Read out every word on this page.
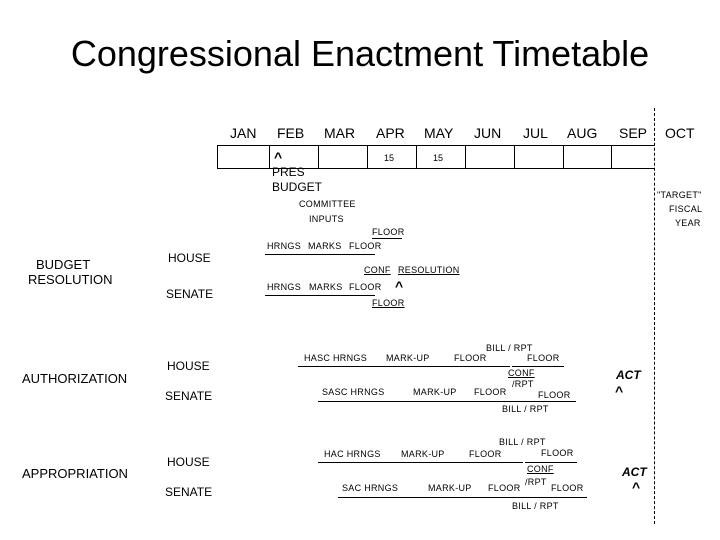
Congressional Enactment Timetable
JAN FEB MAR APR MAY JUN JUL AUG SEP OCT
15	15
^
PRES
BUDGET
"TARGET"
FISCAL
YEAR
COMMITTEE
INPUTS
BUDGET
RESOLUTION
HOUSE
SENATE
FLOOR
HRNGS MARKS FLOOR
CONF RESOLUTION
HRNGS MARKS FLOOR ^
FLOOR
AUTHORIZATION
HOUSE
SENATE
HASC HRNGS MARK-UP	FLOOR
BILL / RPT
FLOOR
CONF
/RPT
SASC HRNGS	MARK-UP FLOOR	FLOOR
BILL / RPT
ACT
^
APPROPRIATION
HOUSE
SENATE
HAC HRNGS MARK-UP	FLOOR
BILL / RPT
FLOOR
CONF
/RPT
SAC HRNGS	MARK-UP FLOOR	FLOOR
BILL / RPT
ACT
^
